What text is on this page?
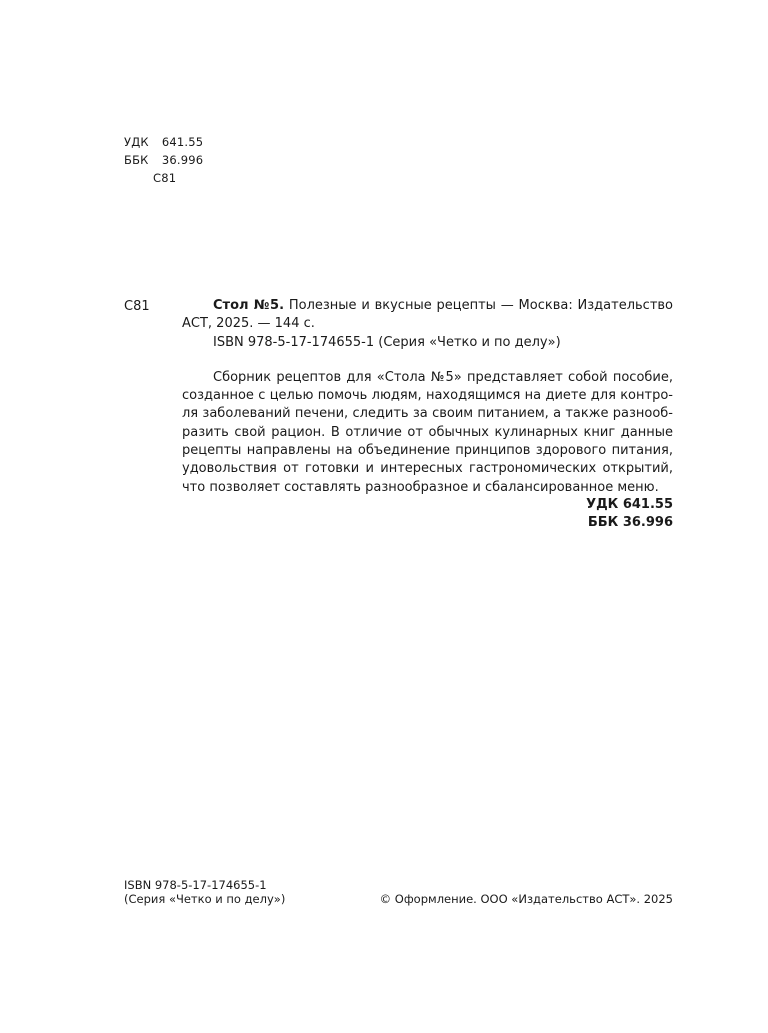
УДК 641.55
ББК 36.996
С81
С81	Стол №5. Полезные и вкусные рецепты — Москва: Издательство АСТ, 2025. — 144 с.
ISBN 978-5-17-174655-1 (Серия «Четко и по делу»)

Сборник рецептов для «Стола №5» представляет собой пособие, созданное с целью помочь людям, находящимся на диете для контроля заболеваний печени, следить за своим питанием, а также разнообразить свой рацион. В отличие от обычных кулинарных книг данные рецепты направлены на объединение принципов здорового питания, удовольствия от готовки и интересных гастрономических открытий, что позволяет составлять разнообразное и сбалансированное меню.

УДК 641.55
ББК 36.996
ISBN 978-5-17-174655-1
(Серия «Четко и по делу»)	© Оформление. ООО «Издательство АСТ». 2025
